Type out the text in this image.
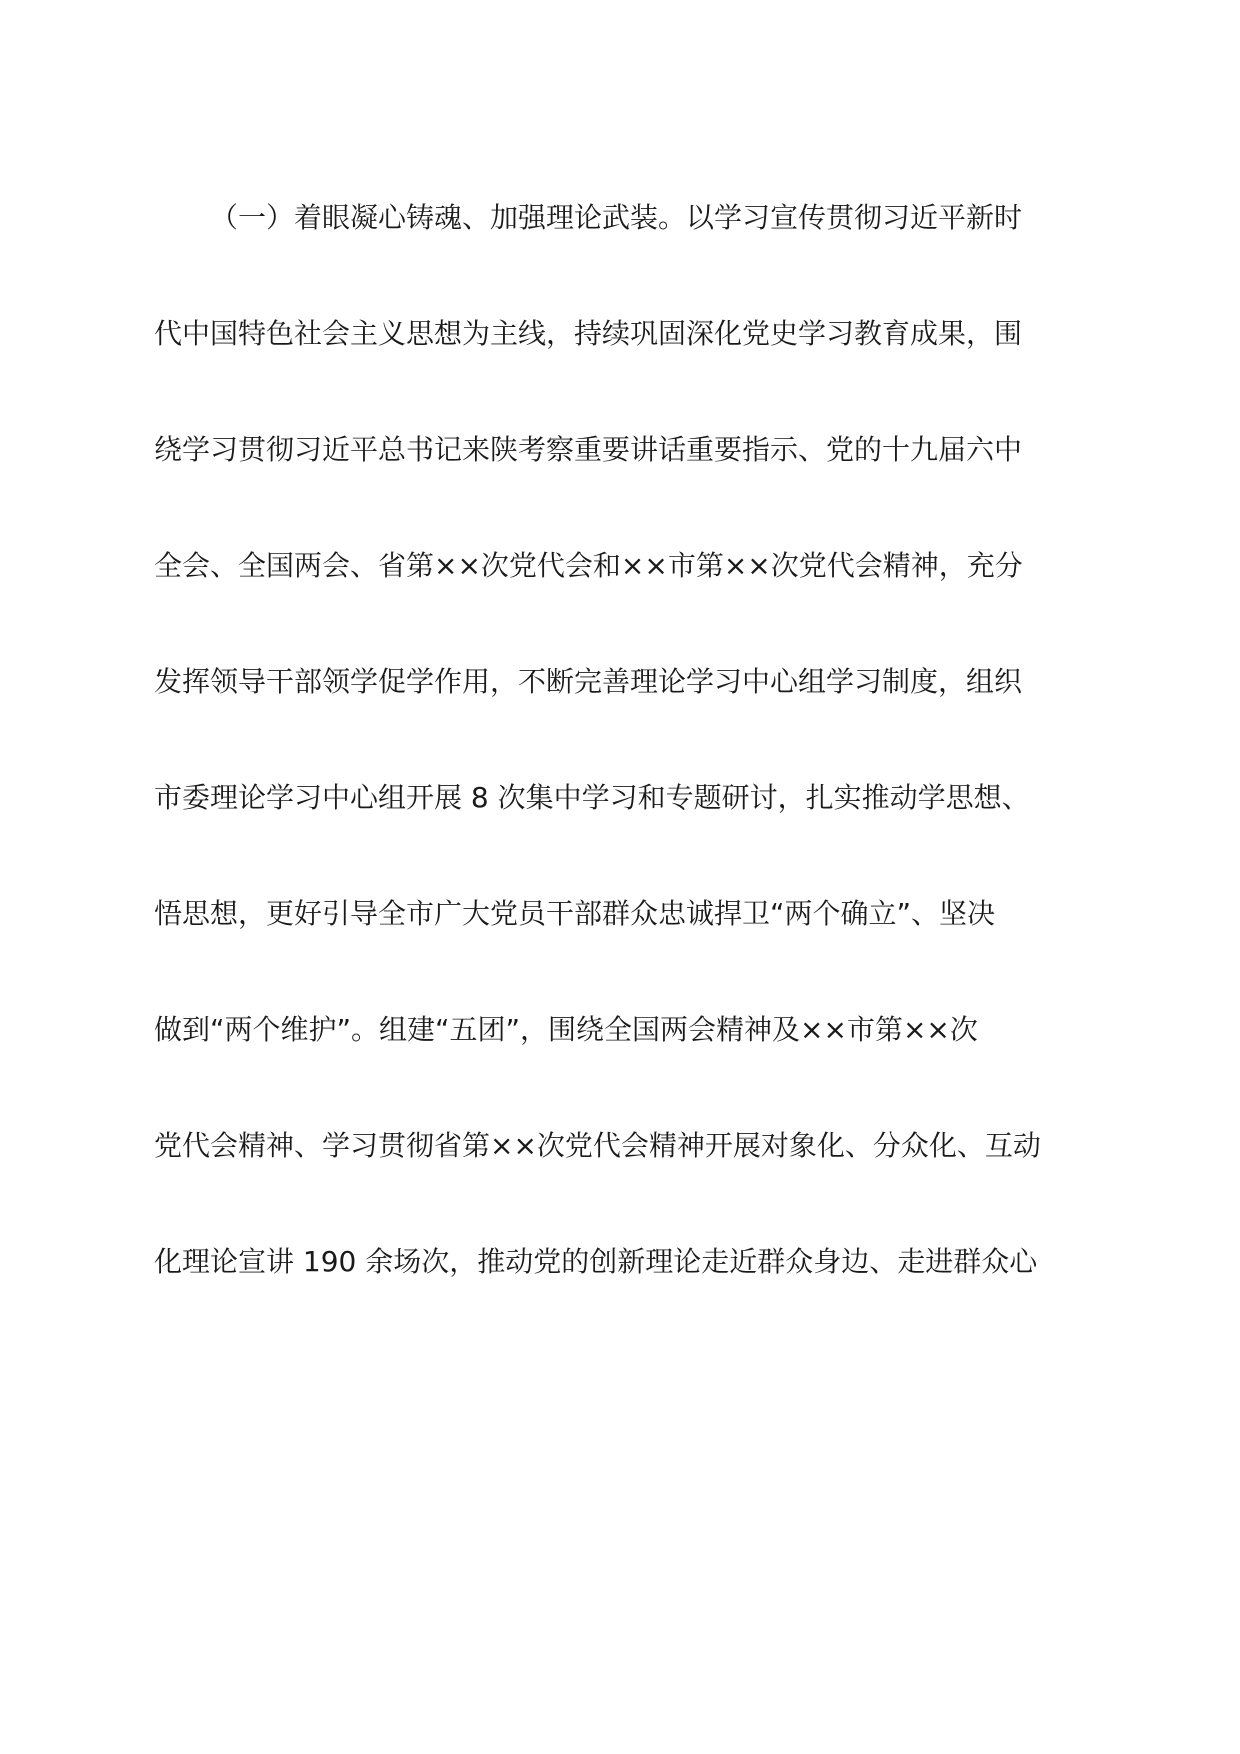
（一）着眼凝心铸魂、加强理论武装。以学习宣传贯彻习近平新时
代中国特色社会主义思想为主线，持续巩固深化党史学习教育成果，围
绕学习贯彻习近平总书记来陕考察重要讲话重要指示、党的十九届六中
全会、全国两会、省第××次党代会和××市第××次党代会精神，充分
发挥领导干部领学促学作用，不断完善理论学习中心组学习制度，组织
市委理论学习中心组开展 8 次集中学习和专题研讨，扎实推动学思想、
悟思想，更好引导全市广大党员干部群众忠诚捍卫“两个确立”、坚决
做到“两个维护”。组建“五团”，围绕全国两会精神及××市第××次
党代会精神、学习贯彻省第××次党代会精神开展对象化、分众化、互动
化理论宣讲 190 余场次，推动党的创新理论走近群众身边、走进群众心
